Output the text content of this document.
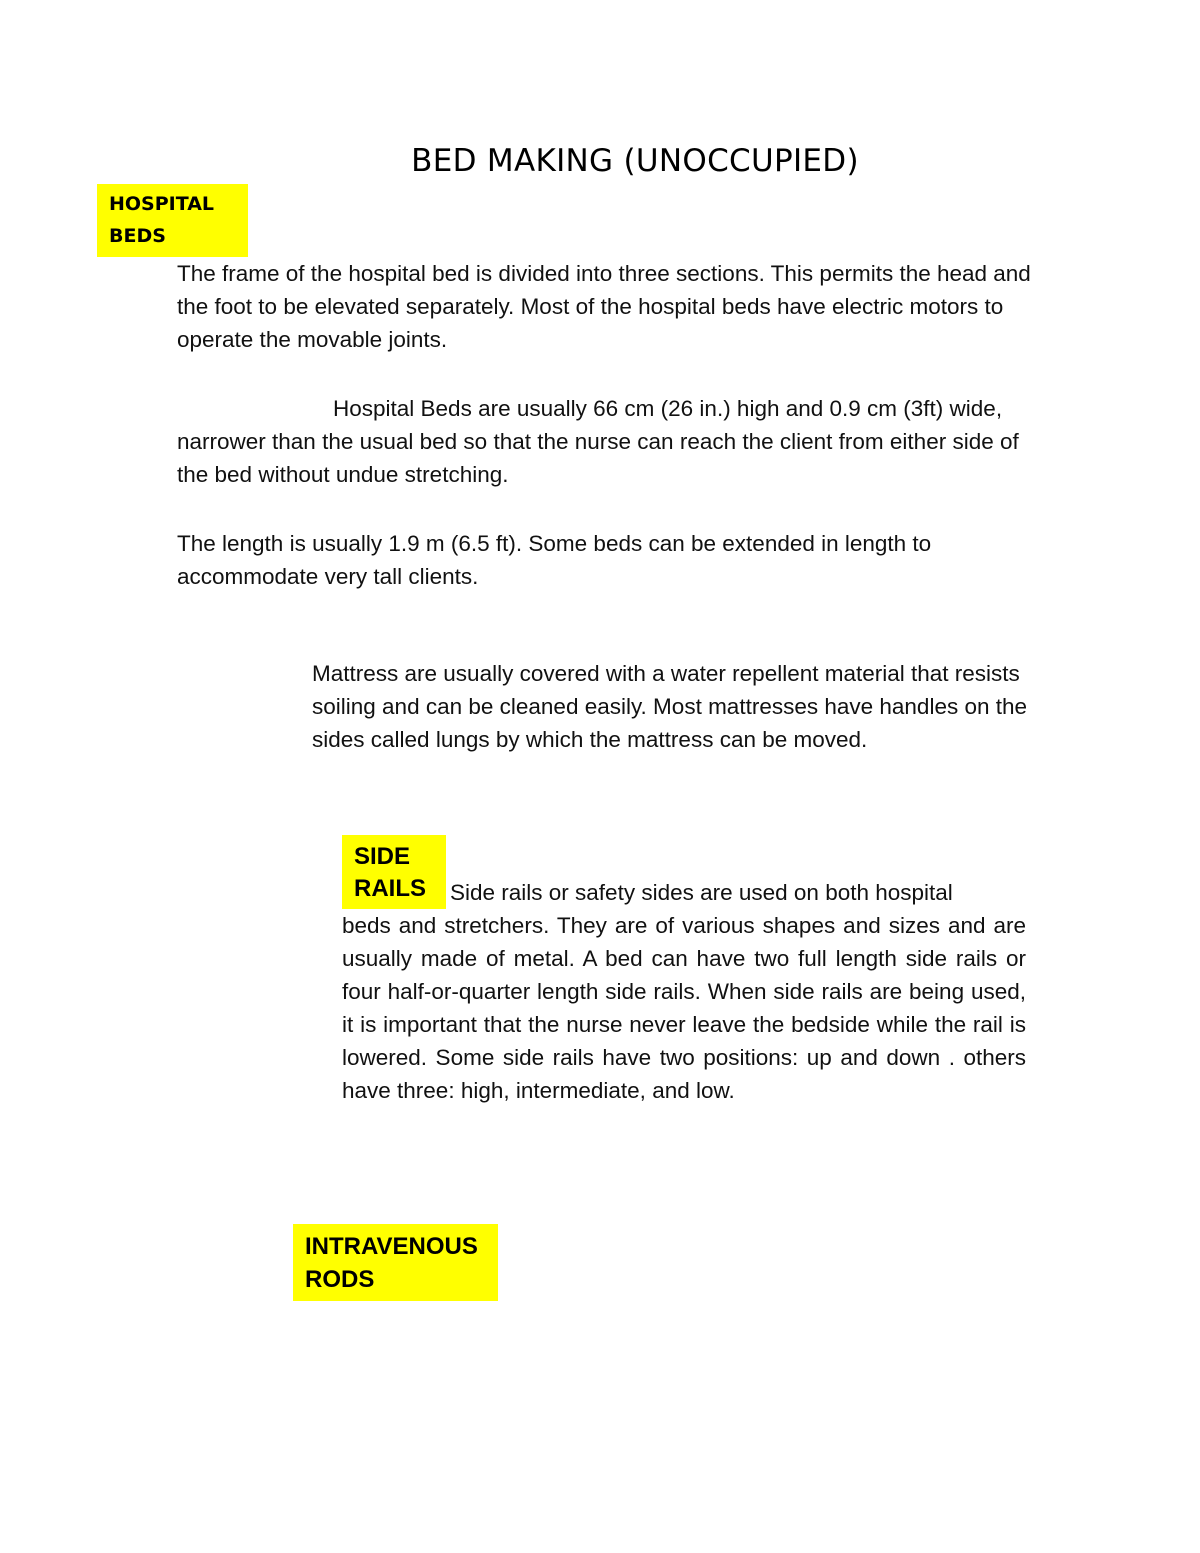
BED MAKING (UNOCCUPIED)
HOSPITAL BEDS

The frame of the hospital bed is divided into three sections. This permits the head and the foot to be elevated separately. Most of the hospital beds have electric motors to operate the movable joints.

Hospital Beds are usually 66 cm (26 in.) high and 0.9 cm (3ft) wide, narrower than the usual bed so that the nurse can reach the client from either side of the bed without undue stretching.

The length is usually 1.9 m (6.5 ft). Some beds can be extended in length to accommodate very tall clients.

Mattress are usually covered with a water repellent material that resists soiling and can be cleaned easily. Most mattresses have handles on the sides called lungs by which the mattress can be moved.

SIDE RAILS	Side rails or safety sides are used on both hospital
beds and stretchers. They are of various shapes and sizes and are usually made of metal. A bed can have two full length side rails or four half-or-quarter length side rails. When side rails are being used, it is important that the nurse never leave the bedside while the rail is lowered. Some side rails have two positions: up and down . others have three: high, intermediate, and low.
INTRAVENOUS RODS
